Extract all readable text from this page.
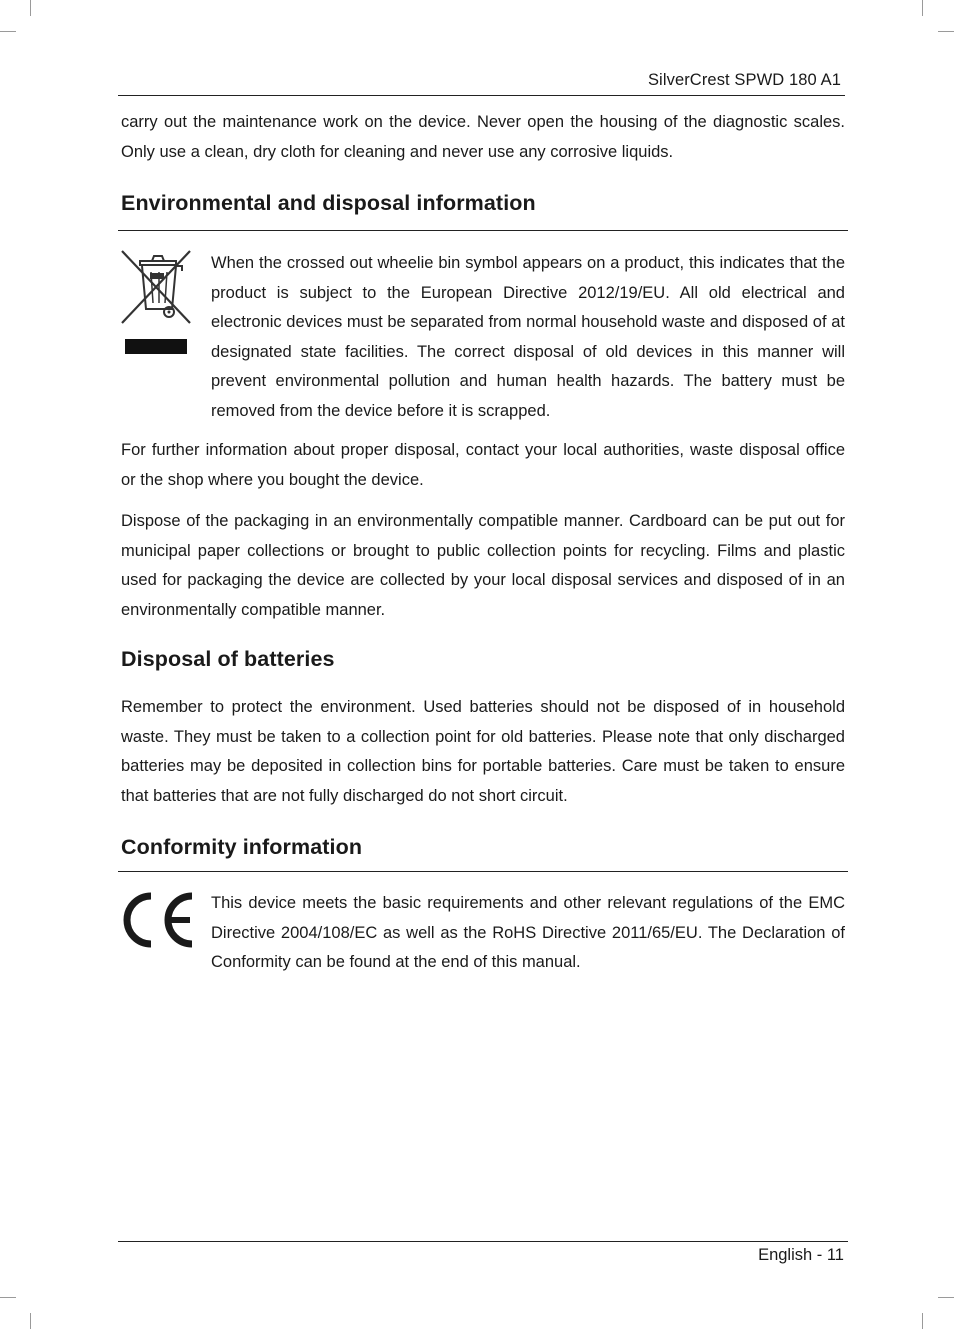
SilverCrest SPWD 180 A1
carry out the maintenance work on the device. Never open the housing of the diagnostic scales. Only use a clean, dry cloth for cleaning and never use any corrosive liquids.
Environmental and disposal information
When the crossed out wheelie bin symbol appears on a product, this indicates that the product is subject to the European Directive 2012/19/EU. All old electrical and electronic devices must be separated from normal household waste and disposed of at designated state facilities. The correct disposal of old devices in this manner will prevent environmental pollution and human health hazards. The battery must be removed from the device before it is scrapped.
For further information about proper disposal, contact your local authorities, waste disposal office or the shop where you bought the device.
Dispose of the packaging in an environmentally compatible manner. Cardboard can be put out for municipal paper collections or brought to public collection points for recycling. Films and plastic used for packaging the device are collected by your local disposal services and disposed of in an environmentally compatible manner.
Disposal of batteries
Remember to protect the environment. Used batteries should not be disposed of in household waste. They must be taken to a collection point for old batteries. Please note that only discharged batteries may be deposited in collection bins for portable batteries. Care must be taken to ensure that batteries that are not fully discharged do not short circuit.
Conformity information
This device meets the basic requirements and other relevant regulations of the EMC Directive 2004/108/EC as well as the RoHS Directive 2011/65/EU. The Declaration of Conformity can be found at the end of this manual.
English - 11
